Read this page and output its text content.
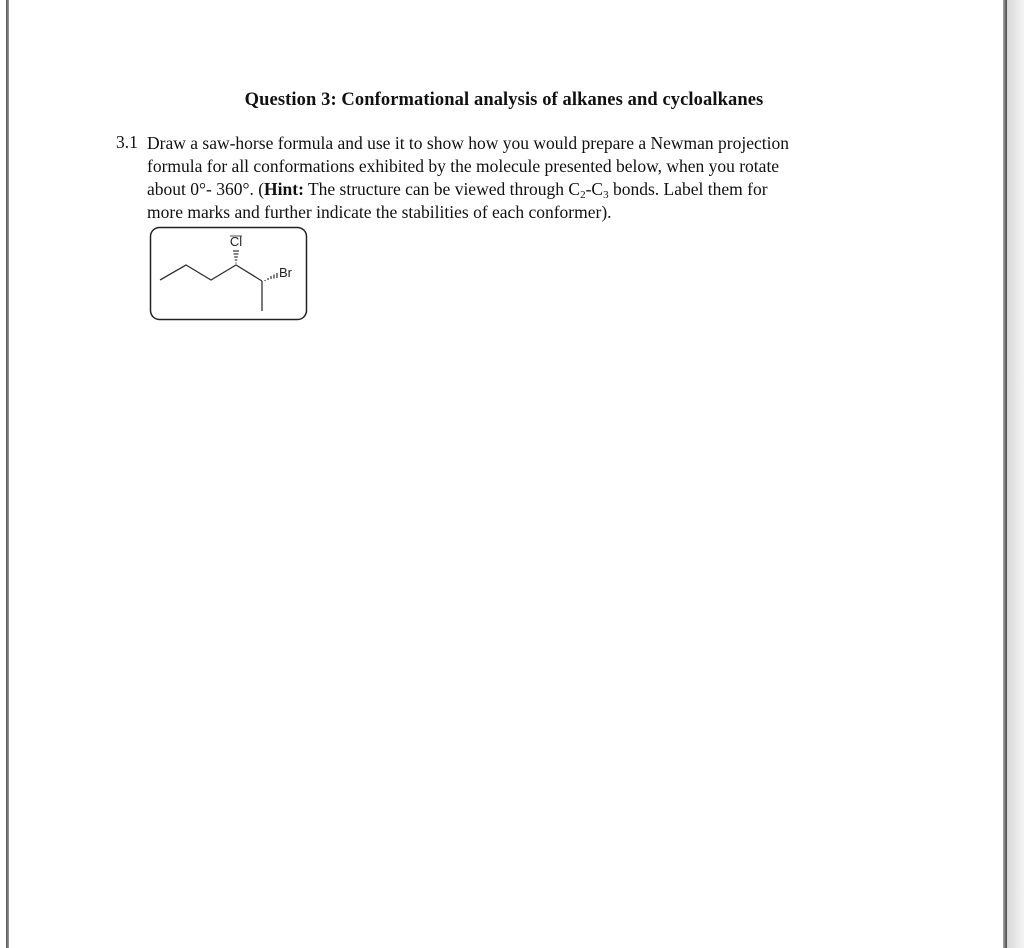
Question 3: Conformational analysis of alkanes and cycloalkanes
3.1 Draw a saw-horse formula and use it to show how you would prepare a Newman projection
formula for all conformations exhibited by the molecule presented below, when you rotate
about 0°- 360°. (Hint: The structure can be viewed through $C_2-C_3$ bonds. Label them for
more marks and further indicate the stabilities of each conformer).
Cl
Br
